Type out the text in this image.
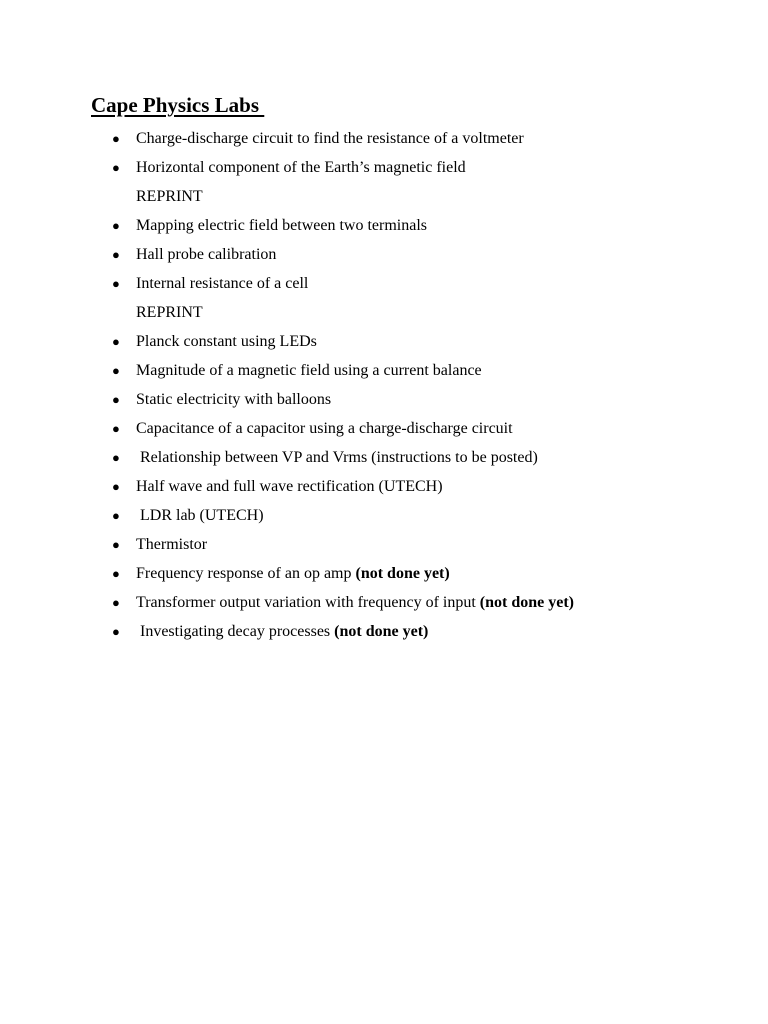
Cape Physics Labs
● Charge-discharge circuit to find the resistance of a voltmeter
● Horizontal component of the Earth’s magnetic field
REPRINT
● Mapping electric field between two terminals
● Hall probe calibration
● Internal resistance of a cell
REPRINT
● Planck constant using LEDs
● Magnitude of a magnetic field using a current balance
● Static electricity with balloons
● Capacitance of a capacitor using a charge-discharge circuit
● Relationship between VP and Vrms (instructions to be posted)
● Half wave and full wave rectification (UTECH)
● LDR lab (UTECH)
● Thermistor
● Frequency response of an op amp (not done yet)
● Transformer output variation with frequency of input (not done yet)
● Investigating decay processes (not done yet)
